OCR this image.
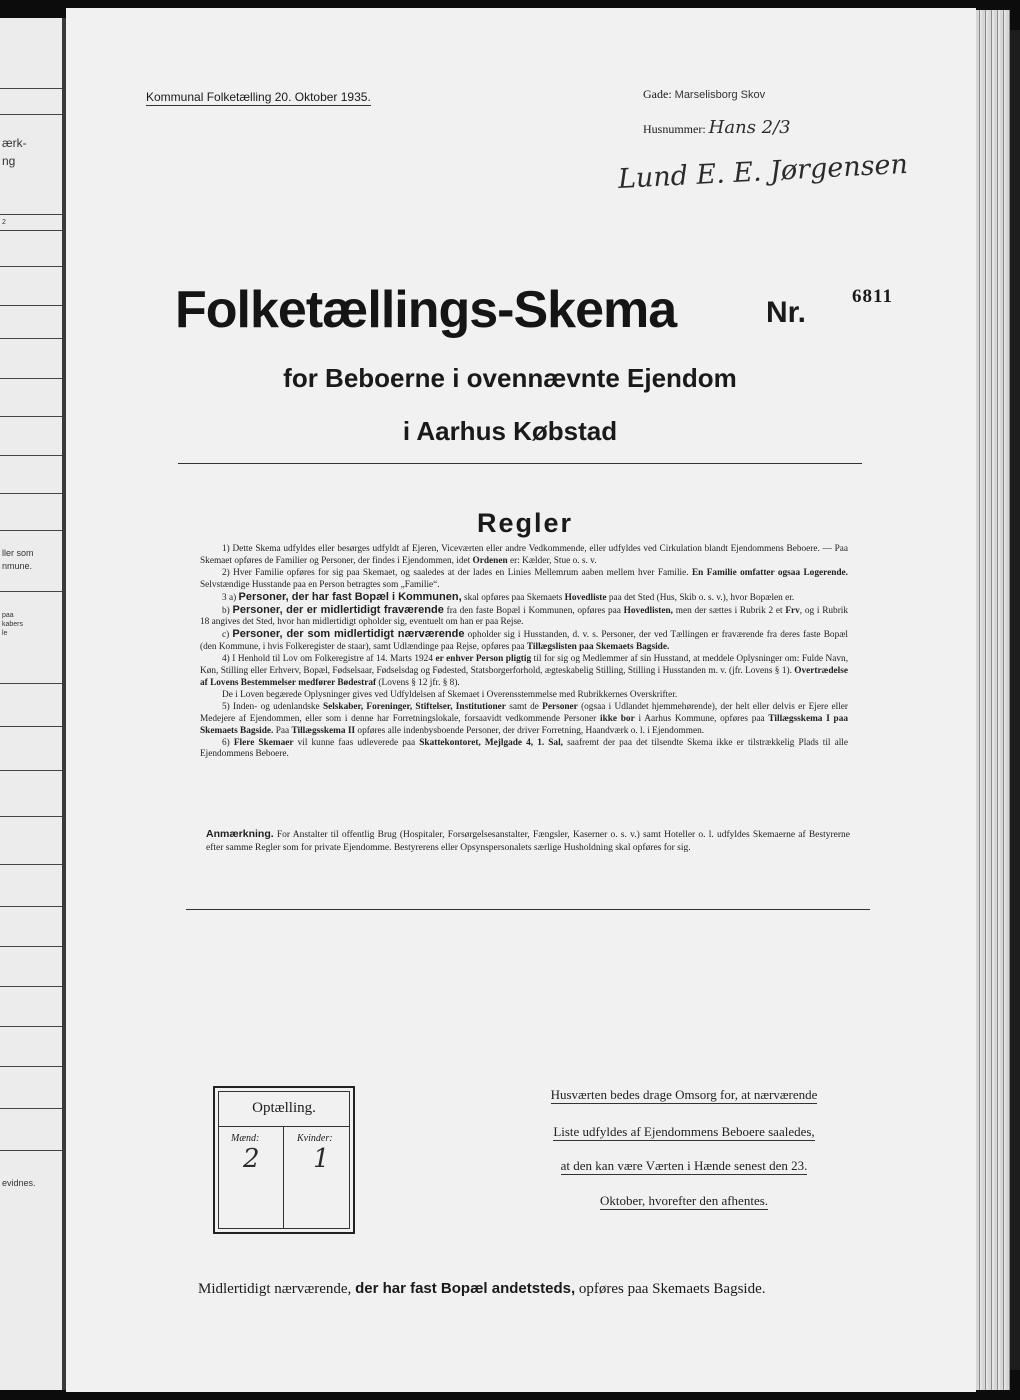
ærk-
ng
2
ller som
nmune.
paa
kabers
le
evidnes.
Kommunal Folketælling 20. Oktober 1935.	Gade: Marselisborg Skov
Husnummer: Hans 2/3
Lund E. E. Jørgensen
Folketællings-Skema	Nr. 6811
for Beboerne i ovennævnte Ejendom
i Aarhus Købstad
Regler

1) Dette Skema udfyldes eller besørges udfyldt af Ejeren, Viceværten eller andre Vedkommende, eller udfyldes ved Cirkulation blandt Ejendommens Beboere. — Paa Skemaet opføres de Familier og Personer, der findes i Ejendommen, idet Ordenen er: Kælder, Stue o. s. v.

2) Hver Familie opføres for sig paa Skemaet, og saaledes at der lades en Linies Mellemrum aaben mellem hver Familie. En Familie omfatter ogsaa Logerende. Selvstændige Husstande paa en Person betragtes som „Familie“.

3 a) Personer, der har fast Bopæl i Kommunen, skal opføres paa Skemaets Hovedliste paa det Sted (Hus, Skib o. s. v.), hvor Bopælen er.

b) Personer, der er midlertidigt fraværende fra den faste Bopæl i Kommunen, opføres paa Hovedlisten, men der sættes i Rubrik 2 et Frv, og i Rubrik 18 angives det Sted, hvor han midlertidigt opholder sig, eventuelt om han er paa Rejse.

c) Personer, der som midlertidigt nærværende opholder sig i Husstanden, d. v. s. Personer, der ved Tællingen er fraværende fra deres faste Bopæl (den Kommune, i hvis Folkeregister de staar), samt Udlændinge paa Rejse, opføres paa Tillægslisten paa Skemaets Bagside.

4) I Henhold til Lov om Folkeregistre af 14. Marts 1924 er enhver Person pligtig til for sig og Medlemmer af sin Husstand, at meddele Oplysninger om: Fulde Navn, Køn, Stilling eller Erhverv, Bopæl, Fødselsaar, Fødselsdag og Fødested, Statsborgerforhold, ægteskabelig Stilling, Stilling i Husstanden m. v. (jfr. Lovens § 1). Overtrædelse af Lovens Bestemmelser medfører Bødestraf (Lovens § 12 jfr. § 8).

De i Loven begærede Oplysninger gives ved Udfyldelsen af Skemaet i Overensstemmelse med Rubrikkernes Overskrifter.

5) Inden- og udenlandske Selskaber, Foreninger, Stiftelser, Institutioner samt de Personer (ogsaa i Udlandet hjemmehørende), der helt eller delvis er Ejere eller Medejere af Ejendommen, eller som i denne har Forretningslokale, forsaavidt vedkommende Personer ikke bor i Aarhus Kommune, opføres paa Tillægsskema I paa Skemaets Bagside. Paa Tillægsskema II opføres alle indenbysboende Personer, der driver Forretning, Haandværk o. l. i Ejendommen.

6) Flere Skemaer vil kunne faas udleverede paa Skattekontoret, Mejlgade 4, 1. Sal, saafremt der paa det tilsendte Skema ikke er tilstrækkelig Plads til alle Ejendommens Beboere.

Anmærkning. For Anstalter til offentlig Brug (Hospitaler, Forsørgelsesanstalter, Fængsler, Kaserner o. s. v.) samt Hoteller o. l. udfyldes Skemaerne af Bestyrerne efter samme Regler som for private Ejendomme. Bestyrerens eller Opsynspersonalets særlige Husholdning skal opføres for sig.
Optælling.
Mænd:	Kvinder:
2 1
Husværten bedes drage Omsorg for, at nærværende
Liste udfyldes af Ejendommens Beboere saaledes,
at den kan være Værten i Hænde senest den 23.
Oktober, hvorefter den afhentes.
Midlertidigt nærværende, der har fast Bopæl andetsteds, opføres paa Skemaets Bagside.
